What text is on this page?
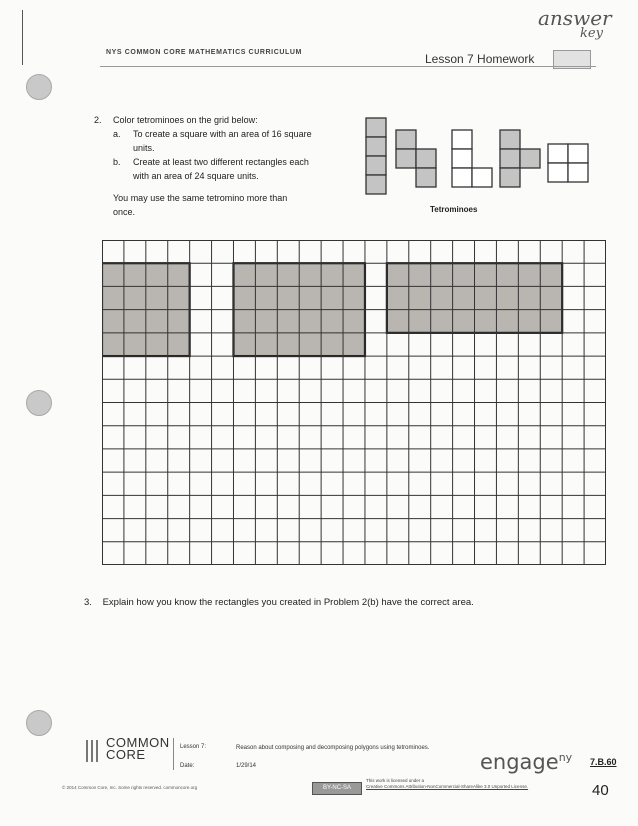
answer
key
NYS COMMON CORE MATHEMATICS CURRICULUM	Lesson 7 Homework
2. Color tetrominoes on the grid below:
a. To create a square with an area of 16 square units.
b. Create at least two different rectangles each with an area of 24 square units.
You may use the same tetromino more than once.	Tetrominoes
3. Explain how you know the rectangles you created in Problem 2(b) have the correct area.
COMMON
CORE	Lesson 7:
Date:
Reason about composing and decomposing polygons using tetrominoes.
1/29/14	engage$^{ny}$ 7.B.60
40
© 2014 Common Core, Inc. Some rights reserved. commoncore.org	BY-NC-SA
This work is licensed under a
Creative Commons Attribution-NonCommercial-ShareAlike 3.0 Unported License.
